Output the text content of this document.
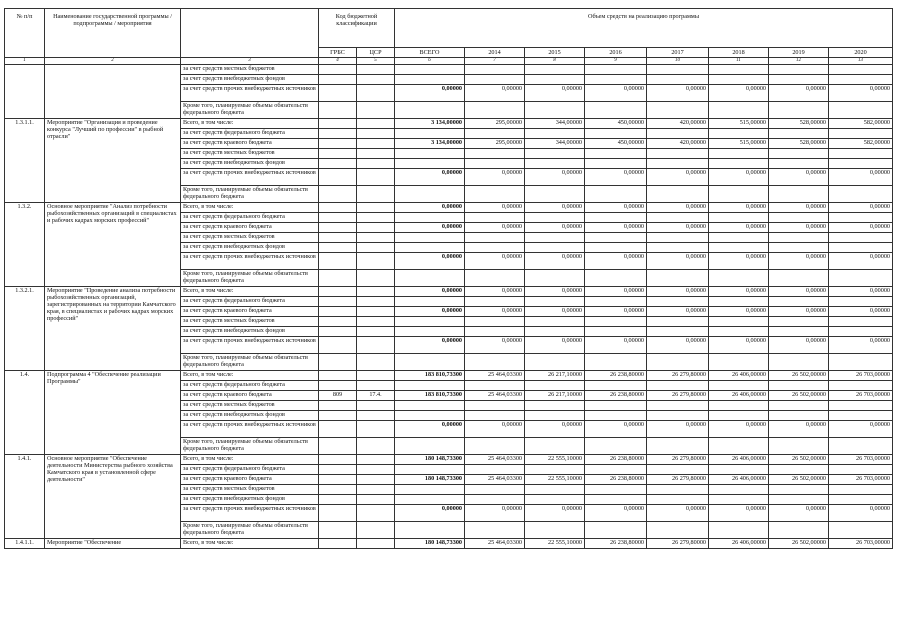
№ п/п	Наименование государственной программы / подпрограммы / мероприятия		Код бюджетной классификации		Объем средств на реализацию программы							
			ГРБС	ЦСР	ВСЕГО	2014	2015	2016	2017	2018	2019	2020
1	2	3	4	5	6	7	8	9	10	11	12	13
		за счет средств местных бюджетов										
		за счет средств внебюджетных фондов										
		за счет средств прочих внебюджетных источников			0,00000	0,00000	0,00000	0,00000	0,00000	0,00000	0,00000	0,00000
		Кроме того, планируемые объемы обязательств федерального бюджета										
1.3.1.1.	Мероприятие "Организация и проведение конкурса "Лучший по профессии" в рыбной отрасли"	Всего, в том числе:			3 134,00000	295,00000	344,00000	450,00000	420,00000	515,00000	528,00000	582,00000
		за счет средств федерального бюджета										
		за счет средств краевого бюджета			3 134,00000	295,00000	344,00000	450,00000	420,00000	515,00000	528,00000	582,00000
		за счет средств местных бюджетов										
		за счет средств внебюджетных фондов										
		за счет средств прочих внебюджетных источников			0,00000	0,00000	0,00000	0,00000	0,00000	0,00000	0,00000	0,00000
		Кроме того, планируемые объемы обязательств федерального бюджета										
1.3.2.	Основное мероприятие "Анализ потребности рыбохозяйственных организаций в специалистах и рабочих кадрах морских профессий"	Всего, в том числе:			0,00000	0,00000	0,00000	0,00000	0,00000	0,00000	0,00000	0,00000
		за счет средств федерального бюджета										
		за счет средств краевого бюджета			0,00000	0,00000	0,00000	0,00000	0,00000	0,00000	0,00000	0,00000
		за счет средств местных бюджетов										
		за счет средств внебюджетных фондов										
		за счет средств прочих внебюджетных источников			0,00000	0,00000	0,00000	0,00000	0,00000	0,00000	0,00000	0,00000
		Кроме того, планируемые объемы обязательств федерального бюджета										
1.3.2.1.	Мероприятие "Проведение анализа потребности рыбохозяйственных организаций, зарегистрированных на территории Камчатского края, в специалистах и рабочих кадрах морских профессий"	Всего, в том числе:			0,00000	0,00000	0,00000	0,00000	0,00000	0,00000	0,00000	0,00000
		за счет средств федерального бюджета										
		за счет средств краевого бюджета			0,00000	0,00000	0,00000	0,00000	0,00000	0,00000	0,00000	0,00000
		за счет средств местных бюджетов										
		за счет средств внебюджетных фондов										
		за счет средств прочих внебюджетных источников			0,00000	0,00000	0,00000	0,00000	0,00000	0,00000	0,00000	0,00000
		Кроме того, планируемые объемы обязательств федерального бюджета										
1.4.	Подпрограмма 4 "Обеспечение реализации Программы"	Всего, в том числе:			183 810,73300	25 464,03300	26 217,10000	26 238,80000	26 279,80000	26 406,00000	26 502,00000	26 703,00000
		за счет средств федерального бюджета										
		за счет средств краевого бюджета	809	17.4.	183 810,73300	25 464,03300	26 217,10000	26 238,80000	26 279,80000	26 406,00000	26 502,00000	26 703,00000
		за счет средств местных бюджетов										
		за счет средств внебюджетных фондов										
		за счет средств прочих внебюджетных источников			0,00000	0,00000	0,00000	0,00000	0,00000	0,00000	0,00000	0,00000
		Кроме того, планируемые объемы обязательств федерального бюджета										
1.4.1.	Основное мероприятие "Обеспечение деятельности Министерства рыбного хозяйства Камчатского края в установленной сфере деятельности"	Всего, в том числе:			180 148,73300	25 464,03300	22 555,10000	26 238,80000	26 279,80000	26 406,00000	26 502,00000	26 703,00000
		за счет средств федерального бюджета										
		за счет средств краевого бюджета			180 148,73300	25 464,03300	22 555,10000	26 238,80000	26 279,80000	26 406,00000	26 502,00000	26 703,00000
		за счет средств местных бюджетов										
		за счет средств внебюджетных фондов										
		за счет средств прочих внебюджетных источников			0,00000	0,00000	0,00000	0,00000	0,00000	0,00000	0,00000	0,00000
		Кроме того, планируемые объемы обязательств федерального бюджета										
1.4.1.1.	Мероприятие "Обеспечение	Всего, в том числе:			180 148,73300	25 464,03300	22 555,10000	26 238,80000	26 279,80000	26 406,00000	26 502,00000	26 703,00000
